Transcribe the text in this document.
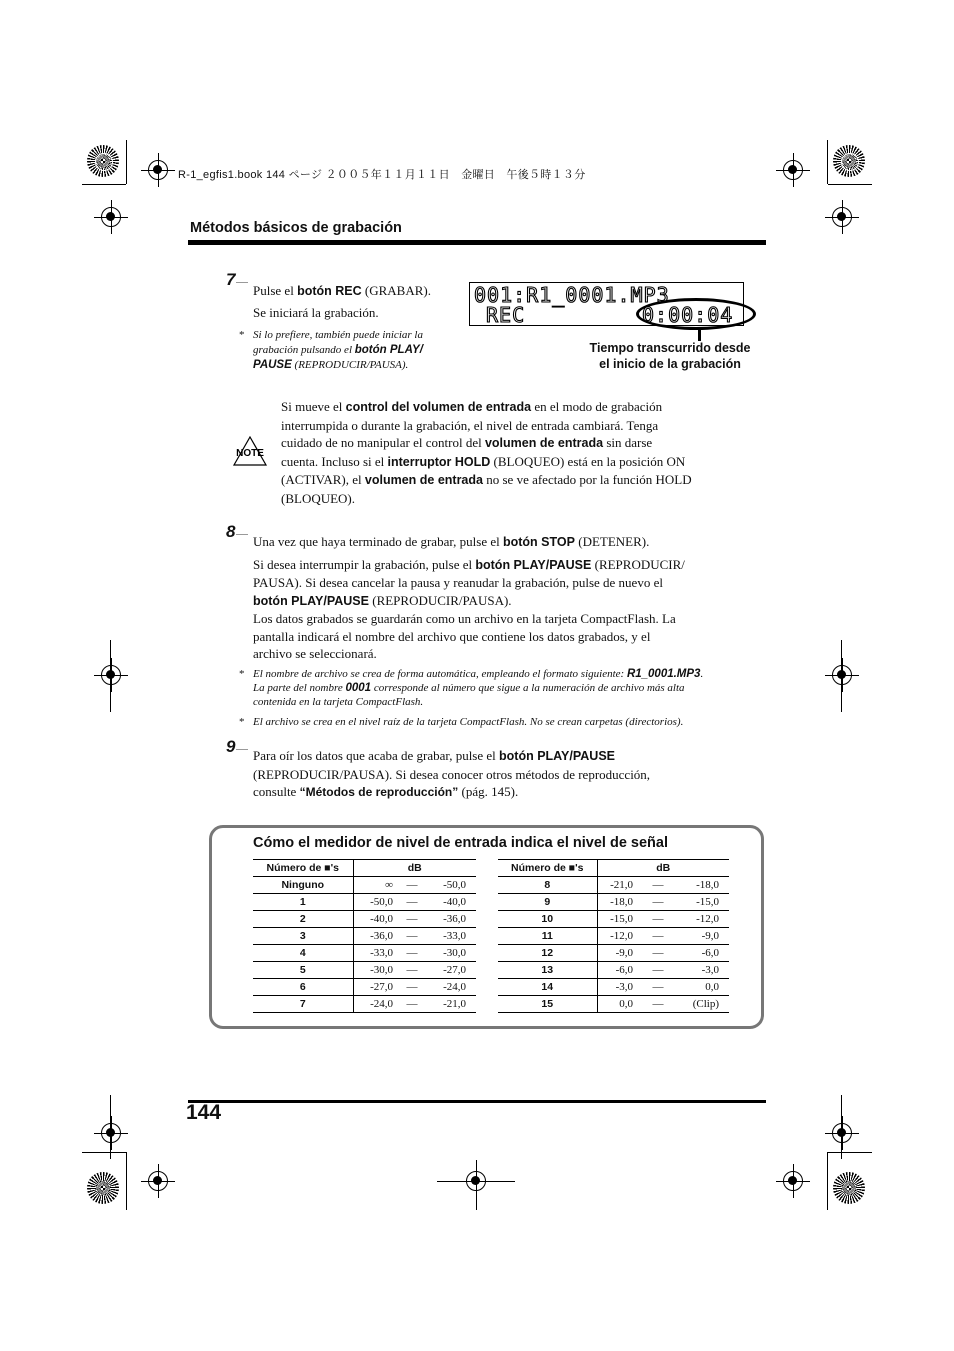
R-1_egfis1.book 144 ページ ２００５年１１月１１日　金曜日　午後５時１３分
Métodos básicos de grabación
7
Pulse el botón REC (GRABAR).
Se iniciará la grabación.
* Si lo prefiere, también puede iniciar la
grabación pulsando el botón PLAY/
PAUSE (REPRODUCIR/PAUSA).
001:R1_0001.MP3
REC	0:00:04
Tiempo transcurrido desde
el inicio de la grabación
NOTE
Si mueve el control del volumen de entrada en el modo de grabación
interrumpida o durante la grabación, el nivel de entrada cambiará. Tenga
cuidado de no manipular el control del volumen de entrada sin darse
cuenta. Incluso si el interruptor HOLD (BLOQUEO) está en la posición ON
(ACTIVAR), el volumen de entrada no se ve afectado por la función HOLD
(BLOQUEO).
8
Una vez que haya terminado de grabar, pulse el botón STOP (DETENER).
Si desea interrumpir la grabación, pulse el botón PLAY/PAUSE (REPRODUCIR/
PAUSA). Si desea cancelar la pausa y reanudar la grabación, pulse de nuevo el
botón PLAY/PAUSE (REPRODUCIR/PAUSA).
Los datos grabados se guardarán como un archivo en la tarjeta CompactFlash. La
pantalla indicará el nombre del archivo que contiene los datos grabados, y el
archivo se seleccionará.
* El nombre de archivo se crea de forma automática, empleando el formato siguiente: R1_0001.MP3.
La parte del nombre 0001 corresponde al número que sigue a la numeración de archivo más alta
contenida en la tarjeta CompactFlash.
* El archivo se crea en el nivel raíz de la tarjeta CompactFlash. No se crean carpetas (directorios).
9	Para oír los datos que acaba de grabar, pulse el botón PLAY/PAUSE
(REPRODUCIR/PAUSA). Si desea conocer otros métodos de reproducción,
consulte “Métodos de reproducción” (pág. 145).
Cómo el medidor de nivel de entrada indica el nivel de señal
Número de ■'s	dB		
Ninguno	∞	—	-50,0
1	-50,0	—	-40,0
2	-40,0	—	-36,0
3	-36,0	—	-33,0
4	-33,0	—	-30,0
5	-30,0	—	-27,0
6	-27,0	—	-24,0
7	-24,0	—	-21,0
Número de ■'s	dB		
8	-21,0	—	-18,0
9	-18,0	—	-15,0
10	-15,0	—	-12,0
11	-12,0	—	-9,0
12	-9,0	—	-6,0
13	-6,0	—	-3,0
14	-3,0	—	0,0
15	0,0	—	(Clip)
144
